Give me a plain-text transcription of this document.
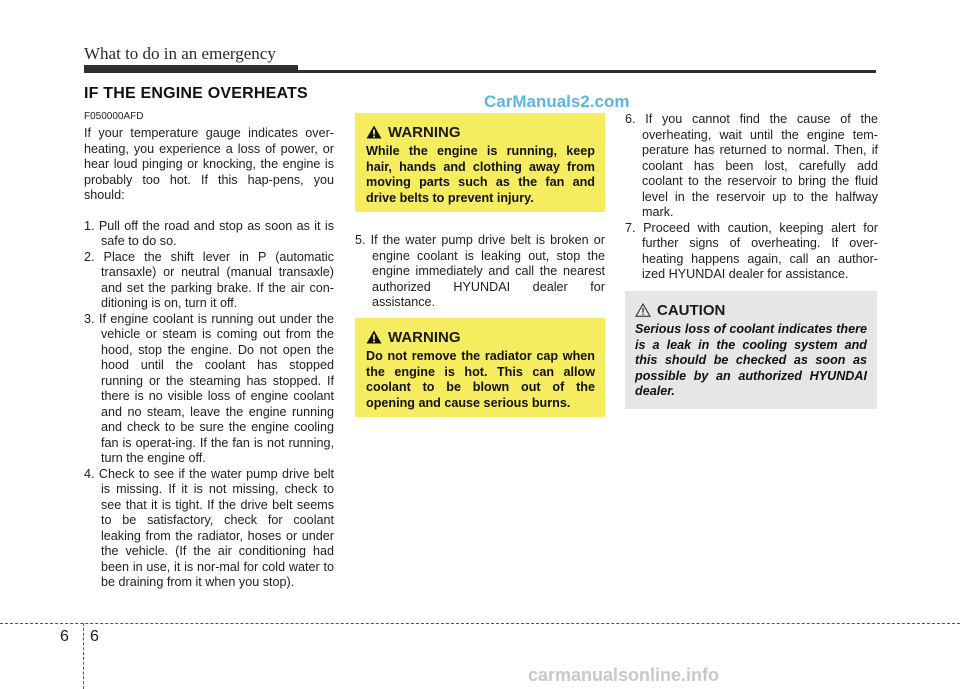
What to do in an emergency
IF THE ENGINE OVERHEATS	CarManuals2.com
F050000AFD

If your temperature gauge indicates over-heating, you experience a loss of power, or hear loud pinging or knocking, the engine is probably too hot. If this hap-pens, you should:

1. Pull off the road and stop as soon as it is safe to do so.
2. Place the shift lever in P (automatic transaxle) or neutral (manual transaxle) and set the parking brake. If the air con-ditioning is on, turn it off.
3. If engine coolant is running out under the vehicle or steam is coming out from the hood, stop the engine. Do not open the hood until the coolant has stopped running or the steaming has stopped. If there is no visible loss of engine coolant and no steam, leave the engine running and check to be sure the engine cooling fan is operat-ing. If the fan is not running, turn the engine off.
4. Check to see if the water pump drive belt is missing. If it is not missing, check to see that it is tight. If the drive belt seems to be satisfactory, check for coolant leaking from the radiator, hoses or under the vehicle. (If the air conditioning had been in use, it is nor-mal for cold water to be draining from it when you stop).
WARNING
While the engine is running, keep hair, hands and clothing away from moving parts such as the fan and drive belts to prevent injury.
5. If the water pump drive belt is broken or engine coolant is leaking out, stop the engine immediately and call the nearest authorized HYUNDAI dealer for assistance.
WARNING
Do not remove the radiator cap when the engine is hot. This can allow coolant to be blown out of the opening and cause serious burns.
6. If you cannot find the cause of the overheating, wait until the engine tem-perature has returned to normal. Then, if coolant has been lost, carefully add coolant to the reservoir to bring the fluid level in the reservoir up to the halfway mark.
7. Proceed with caution, keeping alert for further signs of overheating. If over-heating happens again, call an author-ized HYUNDAI dealer for assistance.
CAUTION
Serious loss of coolant indicates there is a leak in the cooling system and this should be checked as soon as possible by an authorized HYUNDAI dealer.
6 6
carmanualsonline.info
